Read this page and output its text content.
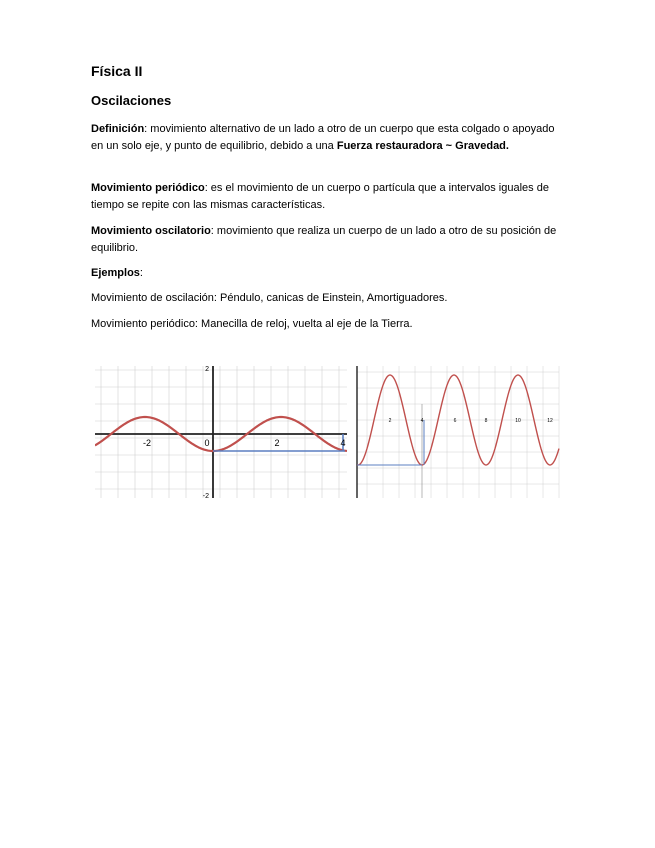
Física II

Oscilaciones

Definición: movimiento alternativo de un lado a otro de un cuerpo que esta colgado o apoyado en un solo eje, y punto de equilibrio, debido a una Fuerza restauradora ~ Gravedad.

Movimiento periódico: es el movimiento de un cuerpo o partícula que a intervalos iguales de tiempo se repite con las mismas características.

Movimiento oscilatorio: movimiento que realiza un cuerpo de un lado a otro de su posición de equilibrio.

Ejemplos:

Movimiento de oscilación: Péndulo, canicas de Einstein, Amortiguadores.

Movimiento periódico: Manecilla de reloj, vuelta al eje de la Tierra.

-2	0	2	4
2
-2
2	4	6	8	10	12
